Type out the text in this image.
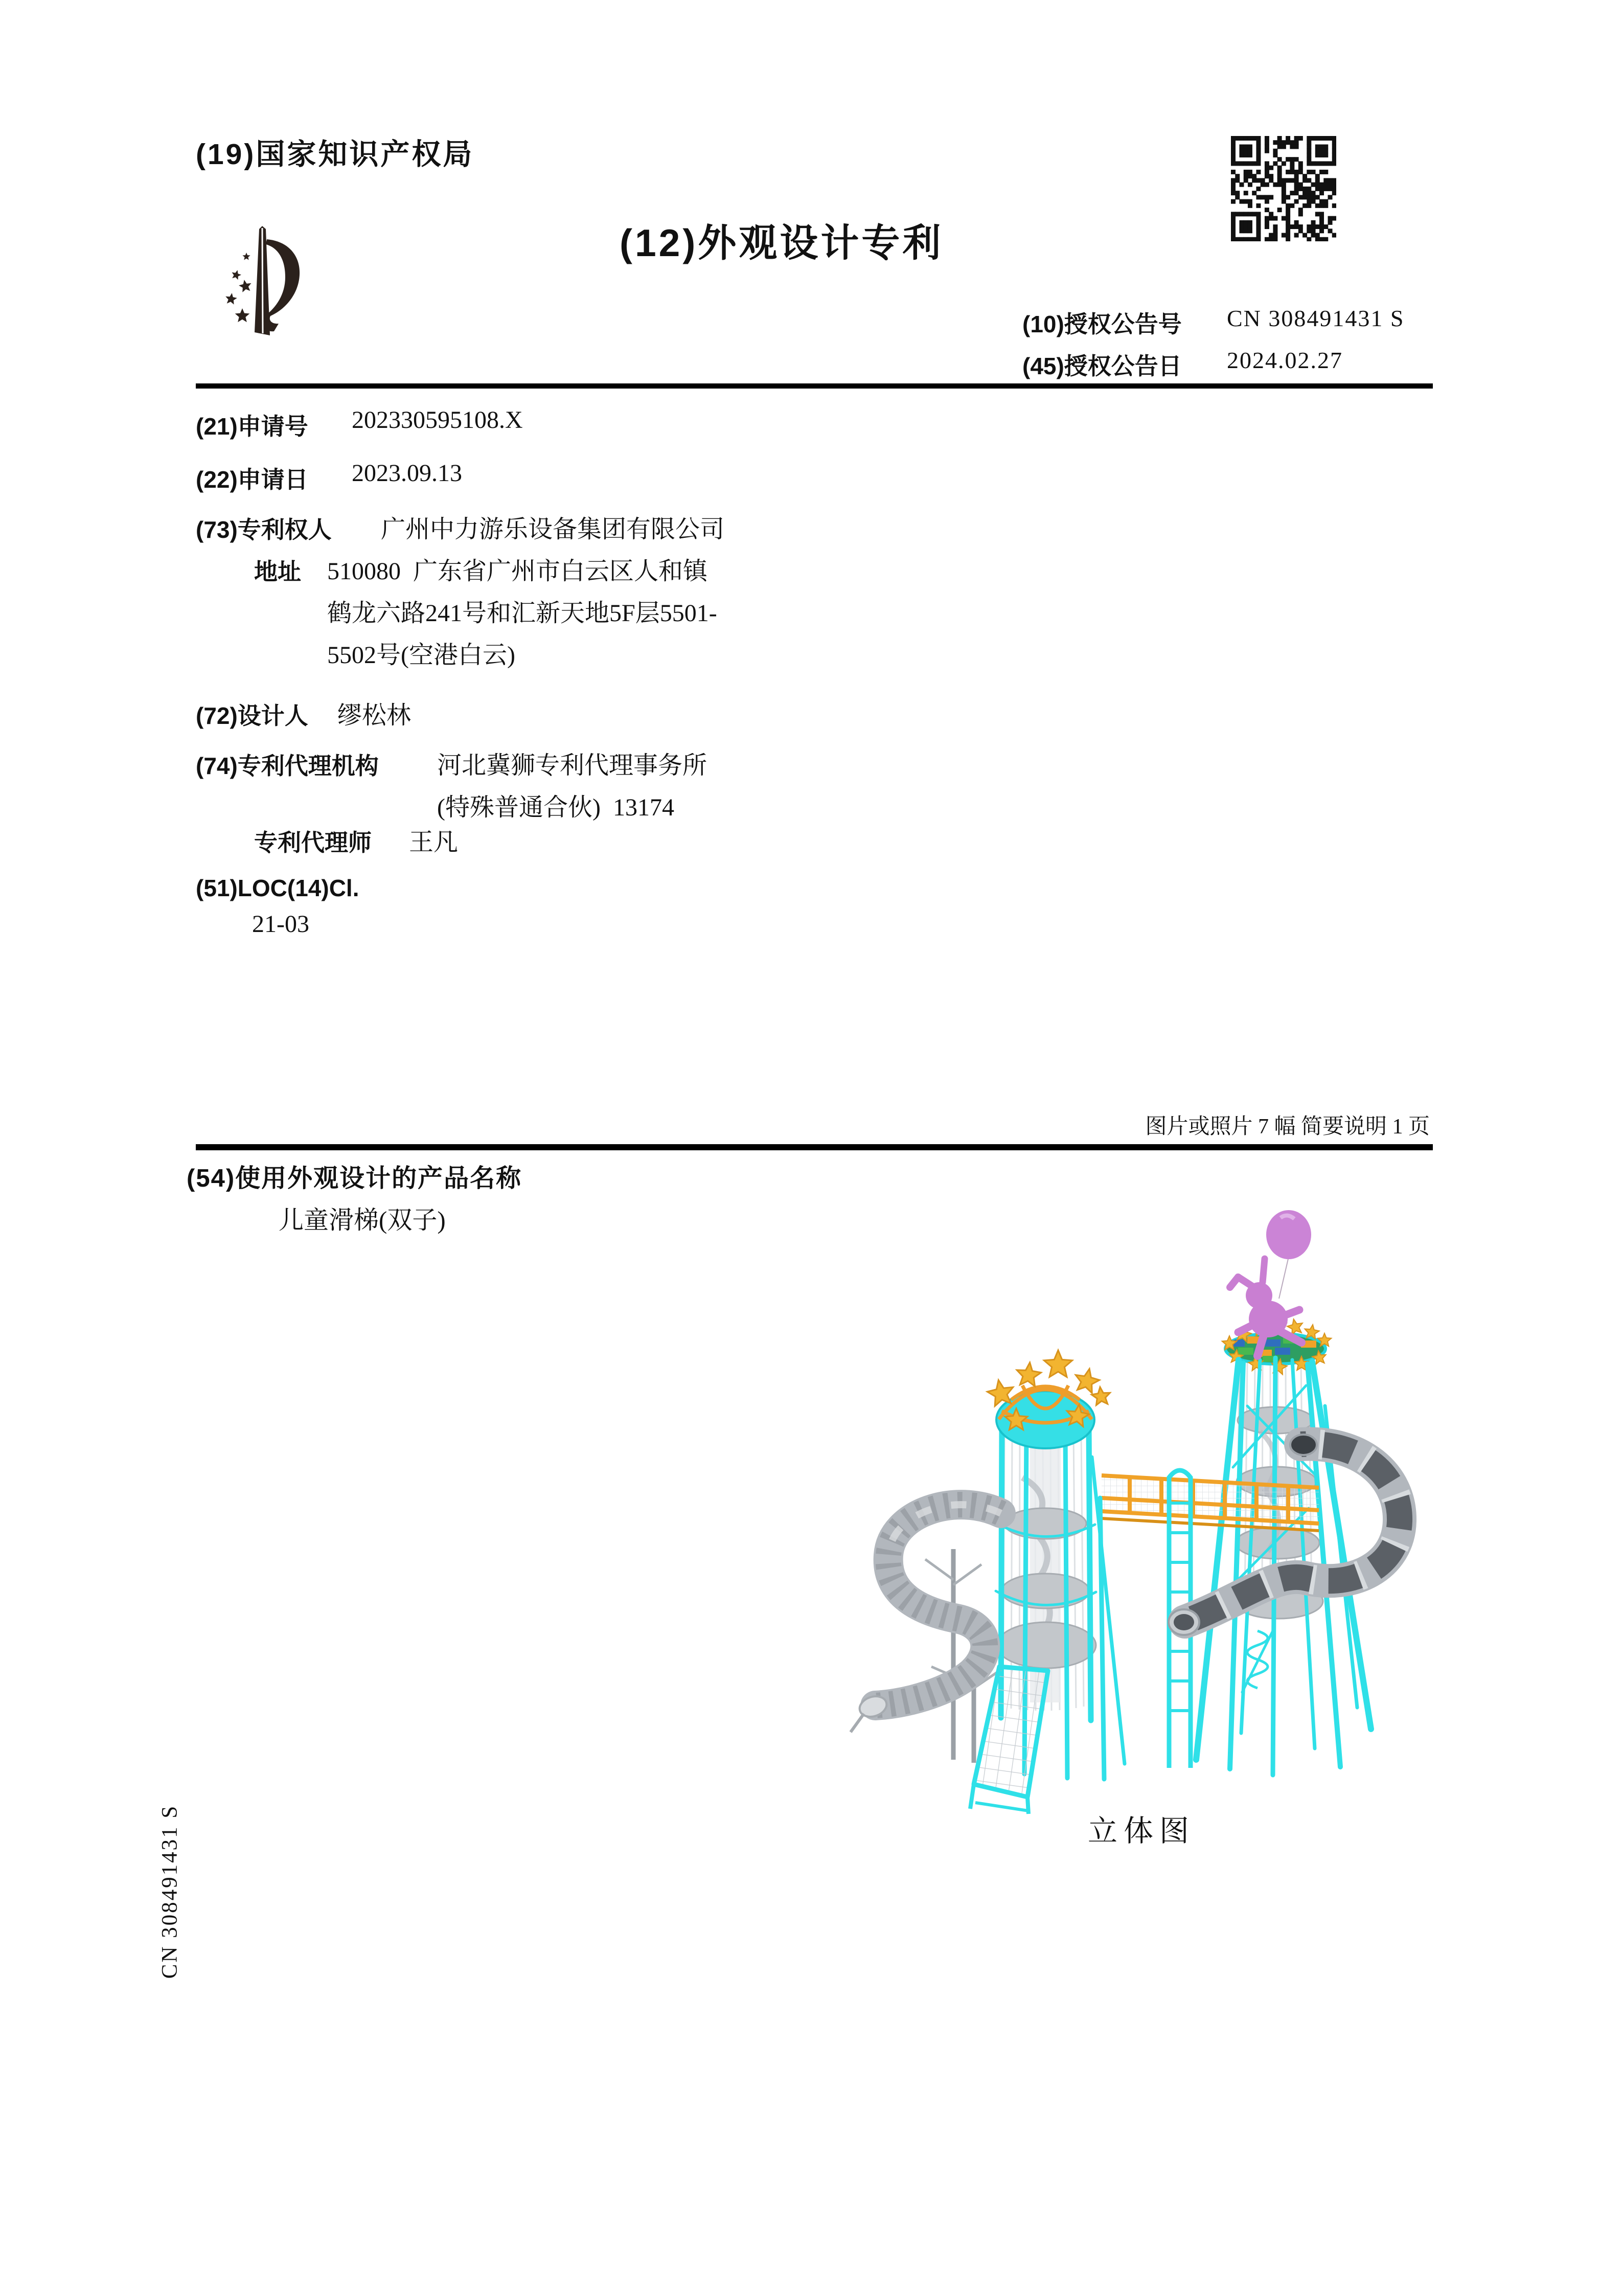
(19)国家知识产权局
(12)外观设计专利
(10)授权公告号 CN 308491431 S
(45)授权公告日 2024.02.27
(21)申请号 202330595108.X
(22)申请日 2023.09.13
(73)专利权人 广州中力游乐设备集团有限公司
地址 510080  广东省广州市白云区人和镇
鹤龙六路241号和汇新天地5F层5501-
5502号(空港白云)
(72)设计人 缪松林
(74)专利代理机构 河北冀狮专利代理事务所
(特殊普通合伙)  13174
专利代理师 王凡
(51)LOC(14)Cl.
21-03
图片或照片 7 幅 简要说明 1 页
(54)使用外观设计的产品名称
儿童滑梯(双子)
立体图
CN 308491431 S
